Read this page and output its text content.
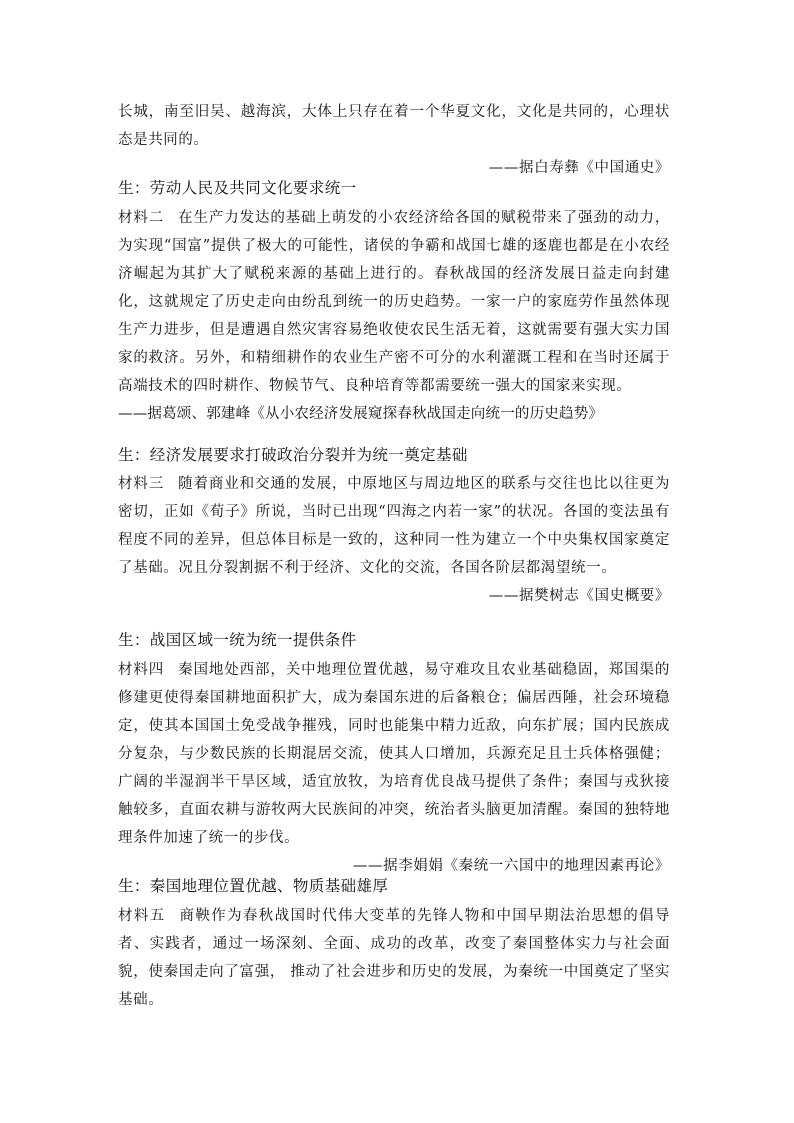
长城，南至旧吴、越海滨，大体上只存在着一个华夏文化，文化是共同的，心理状态是共同的。

——据白寿彝《中国通史》

生：劳动人民及共同文化要求统一

材料二 在生产力发达的基础上萌发的小农经济给各国的赋税带来了强劲的动力，为实现“国富”提供了极大的可能性，诸侯的争霸和战国七雄的逐鹿也都是在小农经济崛起为其扩大了赋税来源的基础上进行的。春秋战国的经济发展日益走向封建化，这就规定了历史走向由纷乱到统一的历史趋势。一家一户的家庭劳作虽然体现生产力进步，但是遭遇自然灾害容易绝收使农民生活无着，这就需要有强大实力国家的救济。另外，和精细耕作的农业生产密不可分的水利灌溉工程和在当时还属于高端技术的四时耕作、物候节气、良种培育等都需要统一强大的国家来实现。

——据葛颂、郭建峰《从小农经济发展窥探春秋战国走向统一的历史趋势》

生：经济发展要求打破政治分裂并为统一奠定基础

材料三 随着商业和交通的发展，中原地区与周边地区的联系与交往也比以往更为密切，正如《荀子》所说，当时已出现“四海之内若一家”的状况。各国的变法虽有程度不同的差异，但总体目标是一致的，这种同一性为建立一个中央集权国家奠定了基础。况且分裂割据不利于经济、文化的交流，各国各阶层都渴望统一。

——据樊树志《国史概要》

生：战国区域一统为统一提供条件

材料四 秦国地处西部，关中地理位置优越，易守难攻且农业基础稳固，郑国渠的修建更使得秦国耕地面积扩大，成为秦国东进的后备粮仓；偏居西陲，社会环境稳定，使其本国国土免受战争摧残，同时也能集中精力近敌，向东扩展；国内民族成分复杂，与少数民族的长期混居交流，使其人口增加，兵源充足且士兵体格强健；广阔的半湿润半干旱区域，适宜放牧，为培育优良战马提供了条件；秦国与戎狄接触较多，直面农耕与游牧两大民族间的冲突，统治者头脑更加清醒。秦国的独特地理条件加速了统一的步伐。

——据李娟娟《秦统一六国中的地理因素再论》

生：秦国地理位置优越、物质基础雄厚

材料五 商鞅作为春秋战国时代伟大变革的先锋人物和中国早期法治思想的倡导者、实践者，通过一场深刻、全面、成功的改革，改变了秦国整体实力与社会面貌，使秦国走向了富强， 推动了社会进步和历史的发展，为秦统一中国奠定了坚实基础。
